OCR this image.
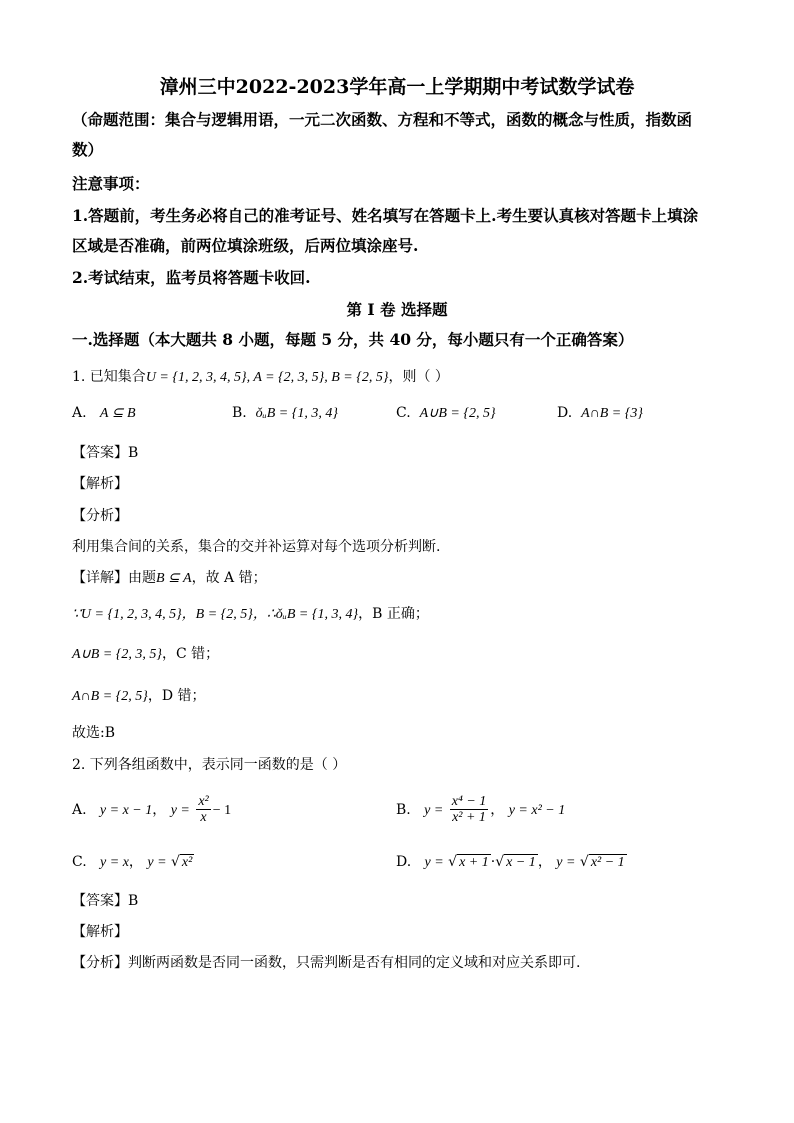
漳州三中2022-2023学年高一上学期期中考试数学试卷
（命题范围：集合与逻辑用语，一元二次函数、方程和不等式，函数的概念与性质，指数函
数）
注意事项：
1.答题前，考生务必将自己的准考证号、姓名填写在答题卡上.考生要认真核对答题卡上填涂
区域是否准确，前两位填涂班级，后两位填涂座号.
2.考试结束，监考员将答题卡收回.
第 I 卷 选择题
一.选择题（本大题共 8 小题，每题 5 分，共 40 分，每小题只有一个正确答案）
1. 已知集合U = {1, 2, 3, 4, 5}, A = {2, 3, 5}, B = {2, 5}，则（ ）
A. A ⊆ B	B. ǒᵤB = {1, 3, 4}	C. A∪B = {2, 5}	D. A∩B = {3}
【答案】B
【解析】
【分析】
利用集合间的关系，集合的交并补运算对每个选项分析判断.
【详解】由题B ⊆ A，故 A 错；
∵U = {1, 2, 3, 4, 5}，B = {2, 5}，∴ǒᵤB = {1, 3, 4}，B 正确；
A∪B = {2, 3, 5}，C 错；
A∩B = {2, 5}，D 错；
故选:B
2. 下列各组函数中，表示同一函数的是（ ）
A. y = x − 1， $y = \frac{\text{x²}}{x} - 1$	B. $y = \frac{\text{x⁴ − 1}}{\text{x² + 1}}$ ， y = x² − 1
C. y = x， y = √ x²	D. y = √ x + 1 ·√ x − 1 ， y = √ x² − 1
【答案】B
【解析】
【分析】判断两函数是否同一函数，只需判断是否有相同的定义域和对应关系即可.
